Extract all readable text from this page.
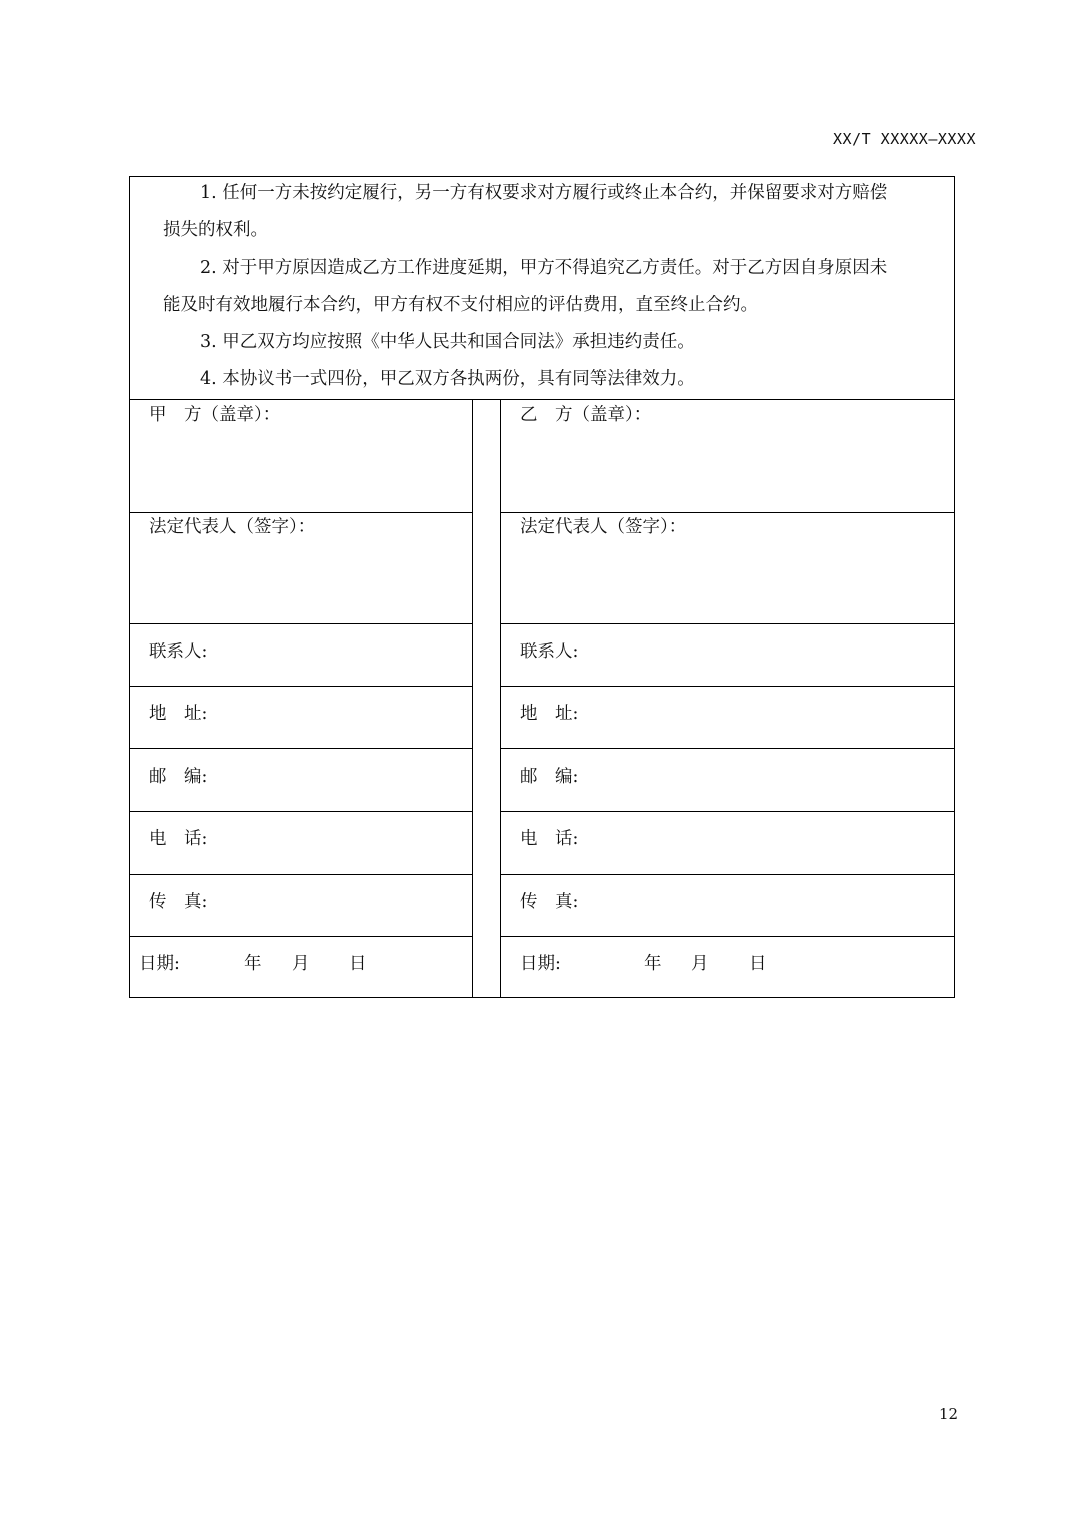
XX/T XXXXX—XXXX
1. 任何一方未按约定履行，另一方有权要求对方履行或终止本合约，并保留要求对方赔偿
损失的权利。
2. 对于甲方原因造成乙方工作进度延期，甲方不得追究乙方责任。对于乙方因自身原因未
能及时有效地履行本合约，甲方有权不支付相应的评估费用，直至终止合约。
3. 甲乙双方均应按照《中华人民共和国合同法》承担违约责任。
4. 本协议书一式四份，甲乙双方各执两份，具有同等法律效力。
甲　方（盖章）：
法定代表人（签字）：
联系人:
地　址:
邮　编:
电　话:
传　真:
日期:	年 月 日
乙　方（盖章）：
法定代表人（签字）：
联系人:
地　址:
邮　编:
电　话:
传　真:
日期:	年 月 日
12
